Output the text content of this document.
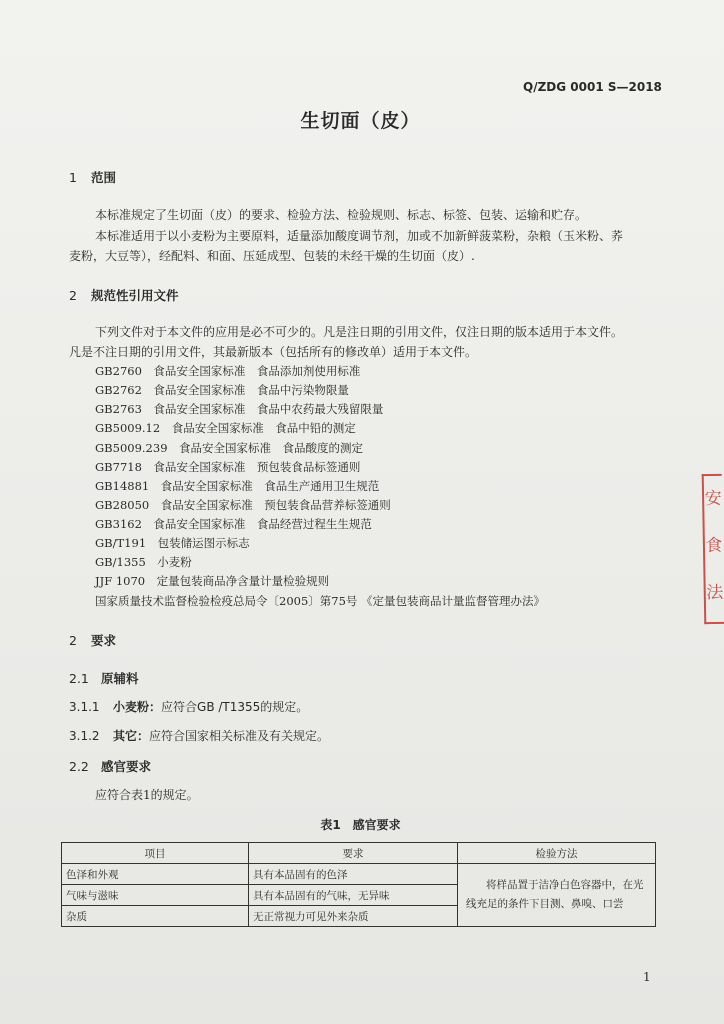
Q/ZDG 0001 S—2018
生切面（皮）
1 范围
本标准规定了生切面（皮）的要求、检验方法、检验规则、标志、标签、包装、运输和贮存。
本标准适用于以小麦粉为主要原料，适量添加酸度调节剂，加或不加新鲜菠菜粉，杂粮（玉米粉、荞
麦粉，大豆等），经配料、和面、压延成型、包装的未经干燥的生切面（皮）.
2 规范性引用文件
下列文件对于本文件的应用是必不可少的。凡是注日期的引用文件，仅注日期的版本适用于本文件。
凡是不注日期的引用文件，其最新版本（包括所有的修改单）适用于本文件。
GB2760　食品安全国家标准　食品添加剂使用标准
GB2762　食品安全国家标准　食品中污染物限量
GB2763　食品安全国家标准　食品中农药最大残留限量
GB5009.12　食品安全国家标准　食品中铅的测定
GB5009.239　食品安全国家标准　食品酸度的测定
GB7718　食品安全国家标准　预包装食品标签通则
GB14881　食品安全国家标准　食品生产通用卫生规范
GB28050　食品安全国家标准　预包装食品营养标签通则
GB3162　食品安全国家标准　食品经营过程生生规范
GB/T191　包装储运图示标志
GB/1355　小麦粉
JJF 1070　定量包装商品净含量计量检验规则
国家质量技术监督检验检疫总局令〔2005〕第75号 《定量包装商品计量监督管理办法》
2 要求
2.1 原辅料
3.1.1 小麦粉：应符合GB /T1355的规定。
3.1.2 其它：应符合国家相关标准及有关规定。
2.2 感官要求
应符合表1的规定。
表1　感官要求
项目	要求	检验方法
色泽和外观	具有本品固有的色泽	将样品置于洁净白色容器中，在光
线充足的条件下目测、鼻嗅、口尝

气味与滋味	具有本品固有的气味，无异味	
杂质	无正常视力可见外来杂质	
安
食
法
1
